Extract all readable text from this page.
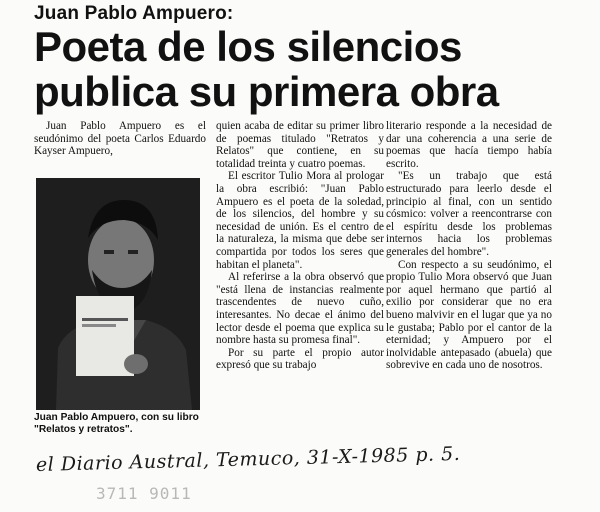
Juan Pablo Ampuero:
Poeta de los silencios
publica su primera obra

Juan Pablo Ampuero es el seudónimo del poeta Carlos Eduardo Kayser Ampuero,

Juan Pablo Ampuero, con su libro "Relatos y retratos".

quien acaba de editar su primer libro de poemas titulado "Retratos y Relatos" que contiene, en su totalidad treinta y cuatro poemas.

El escritor Tulio Mora al prologar la obra escribió: "Juan Pablo Ampuero es el poeta de la soledad, de los silencios, del hombre y su necesidad de unión. Es el centro de la naturaleza, la misma que debe ser compartida por todos los seres que habitan el planeta".

Al referirse a la obra observó que "está llena de instancias realmente trascendentes de nuevo cuño, interesantes. No decae el ánimo del lector desde el poema que explica su nombre hasta su promesa final".

Por su parte el propio autor expresó que su trabajo

literario responde a la necesidad de dar una coherencia a una serie de poemas que hacía tiempo había escrito.

"Es un trabajo que está estructurado para leerlo desde el principio al final, con un sentido cósmico: volver a reencontrarse con el espíritu desde los problemas internos hacia los problemas generales del hombre".

Con respecto a su seudónimo, el propio Tulio Mora observó que Juan por aquel hermano que partió al exilio por considerar que no era bueno malvivir en el lugar que ya no le gustaba; Pablo por el cantor de la eternidad; y Ampuero por el inolvidable antepasado (abuela) que sobrevive en cada uno de nosotros.

el Diario Austral, Temuco, 31-X-1985 p. 5.
3711 9011
